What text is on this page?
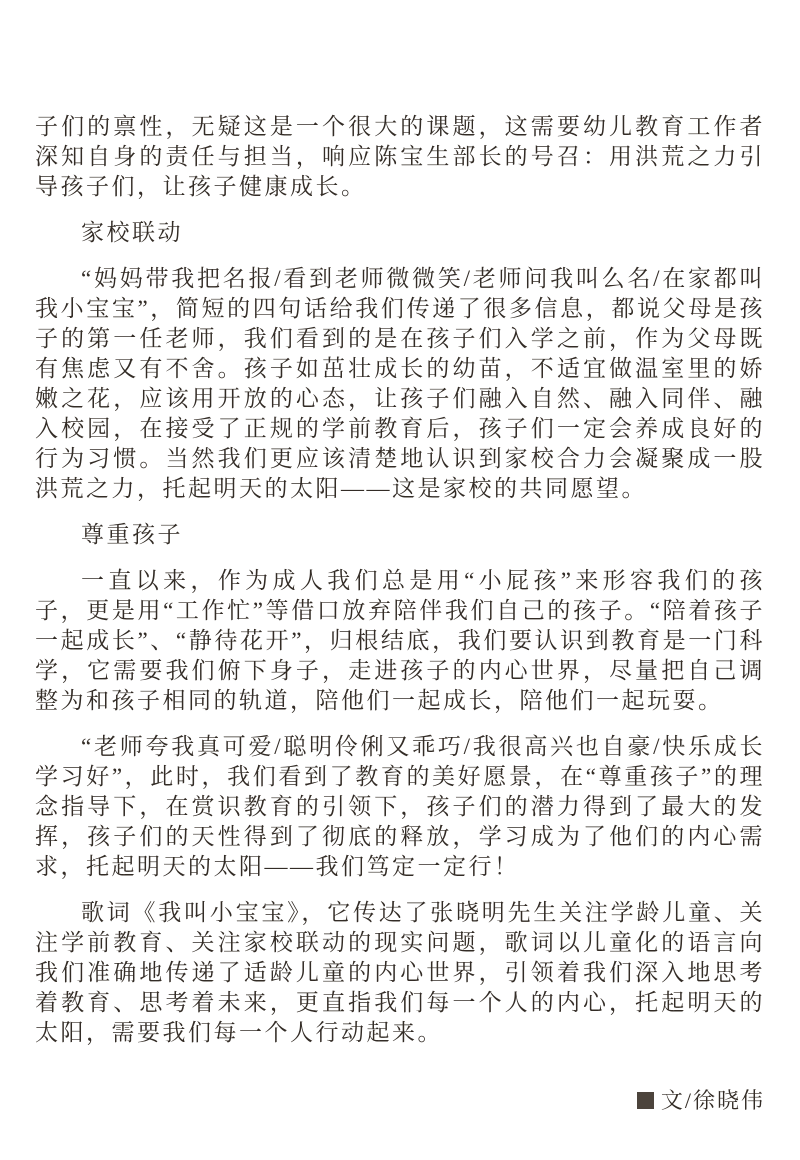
子们的禀性，无疑这是一个很大的课题，这需要幼儿教育工作者深知自身的责任与担当，响应陈宝生部长的号召：用洪荒之力引导孩子们，让孩子健康成长。

家校联动

“妈妈带我把名报/看到老师微微笑/老师问我叫么名/在家都叫我小宝宝”，简短的四句话给我们传递了很多信息，都说父母是孩子的第一任老师，我们看到的是在孩子们入学之前，作为父母既有焦虑又有不舍。孩子如茁壮成长的幼苗，不适宜做温室里的娇嫩之花，应该用开放的心态，让孩子们融入自然、融入同伴、融入校园，在接受了正规的学前教育后，孩子们一定会养成良好的行为习惯。当然我们更应该清楚地认识到家校合力会凝聚成一股洪荒之力，托起明天的太阳——这是家校的共同愿望。

尊重孩子

一直以来，作为成人我们总是用“小屁孩”来形容我们的孩子，更是用“工作忙”等借口放弃陪伴我们自己的孩子。“陪着孩子一起成长”、“静待花开”，归根结底，我们要认识到教育是一门科学，它需要我们俯下身子，走进孩子的内心世界，尽量把自己调整为和孩子相同的轨道，陪他们一起成长，陪他们一起玩耍。

“老师夸我真可爱/聪明伶俐又乖巧/我很高兴也自豪/快乐成长学习好”，此时，我们看到了教育的美好愿景，在“尊重孩子”的理念指导下，在赏识教育的引领下，孩子们的潜力得到了最大的发挥，孩子们的天性得到了彻底的释放，学习成为了他们的内心需求，托起明天的太阳——我们笃定一定行！

歌词《我叫小宝宝》，它传达了张晓明先生关注学龄儿童、关注学前教育、关注家校联动的现实问题，歌词以儿童化的语言向我们准确地传递了适龄儿童的内心世界，引领着我们深入地思考着教育、思考着未来，更直指我们每一个人的内心，托起明天的太阳，需要我们每一个人行动起来。

文/徐晓伟
